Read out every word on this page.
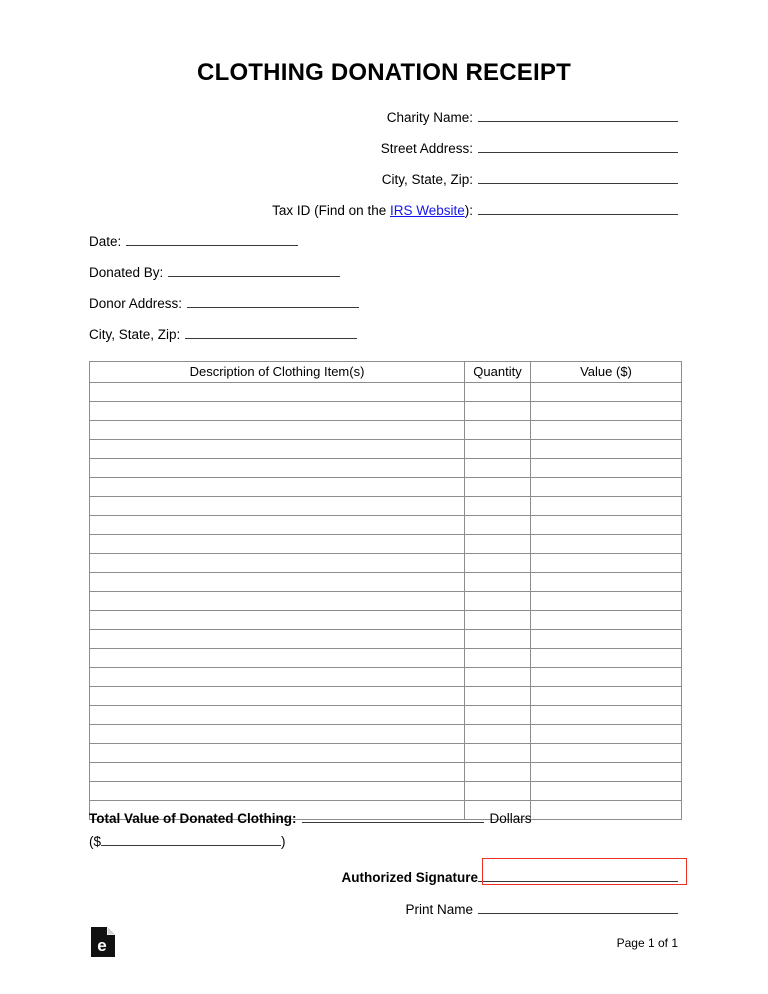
CLOTHING DONATION RECEIPT
Charity Name:
Street Address:
City, State, Zip:
Tax ID (Find on the IRS Website):
Date:
Donated By:
Donor Address:
City, State, Zip:
Description of Clothing Item(s)	Quantity	Value ($)

Total Value of Donated Clothing:	Dollars
($	)
Authorized Signature
Print Name
e	Page 1 of 1
